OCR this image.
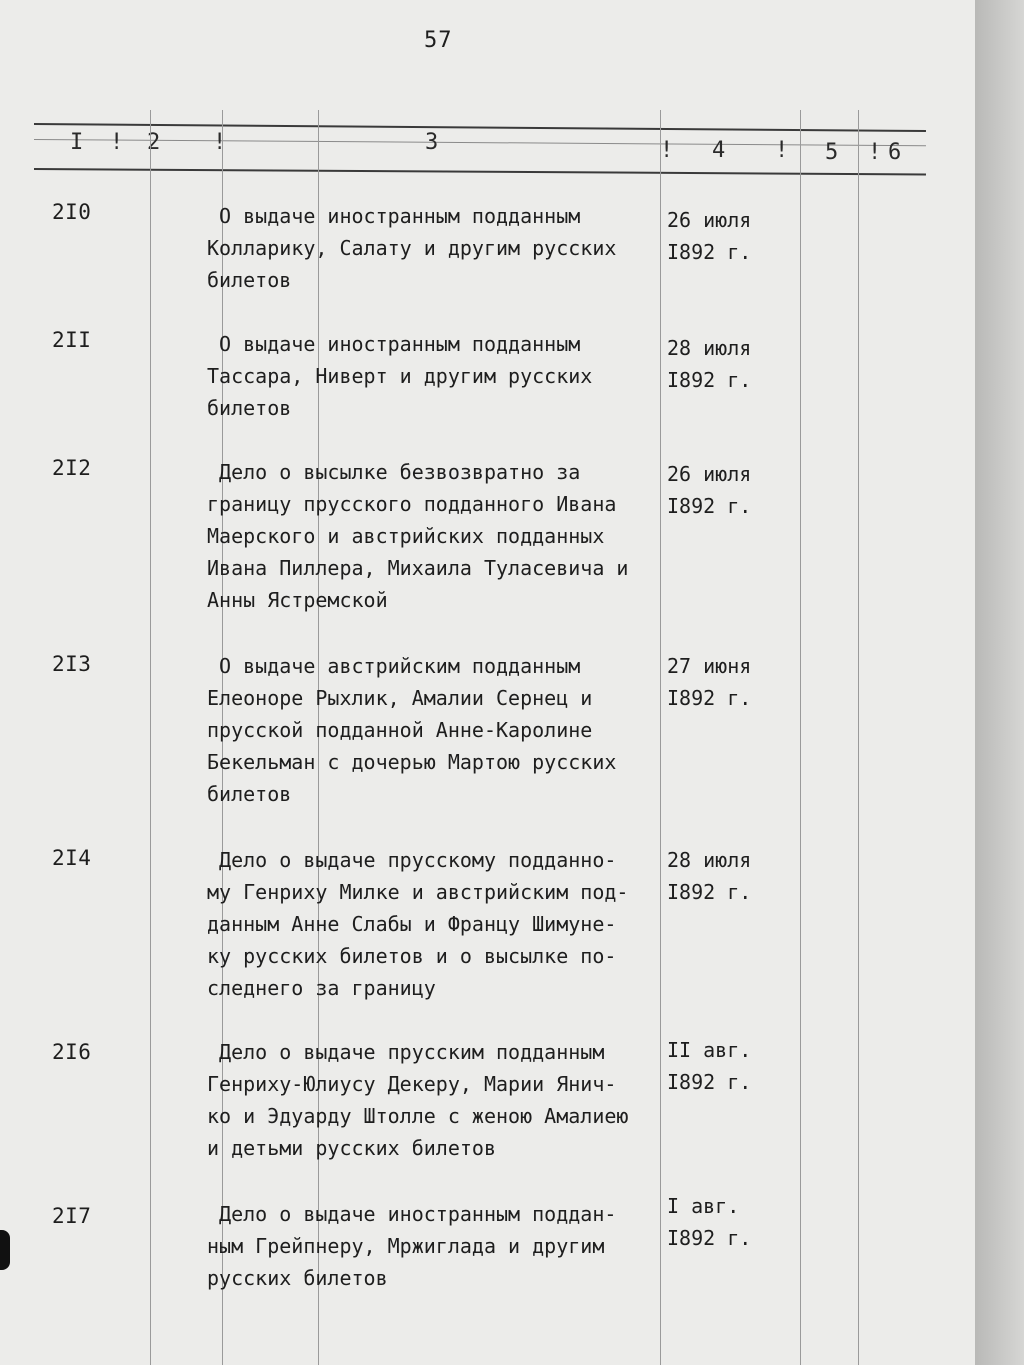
57
I ! 2 !	3	! 4 ! 5 ! 6
2I0	О выдаче иностранным подданным
Колларику, Салату и другим русских
билетов
26 июля
I892 г.
2II	О выдаче иностранным подданным
Тассара, Ниверт и другим русских
билетов
28 июля
I892 г.
2I2	Дело о высылке безвозвратно за
границу прусского подданного Ивана
Маерского и австрийских подданных
Ивана Пиллера, Михаила Туласевича и
Анны Ястремской
26 июля
I892 г.
2I3	О выдаче австрийским подданным
Елеоноре Рыхлик, Амалии Сернец и
прусской подданной Анне-Каролине
Бекельман с дочерью Мартою русских
билетов
27 июня
I892 г.
2I4	Дело о выдаче прусскому подданно-
му Генриху Милке и австрийским под-
данным Анне Слабы и Францу Шимуне-
ку русских билетов и о высылке по-
следнего за границу
28 июля
I892 г.
2I6	Дело о выдаче прусским подданным
Генриху-Юлиусу Декеру, Марии Янич-
ко и Эдуарду Штолле с женою Амалиею
и детьми русских билетов
II авг.
I892 г.
2I7	Дело о выдаче иностранным поддан-
ным Грейпнеру, Мржиглада и другим
русских билетов
I авг.
I892 г.
